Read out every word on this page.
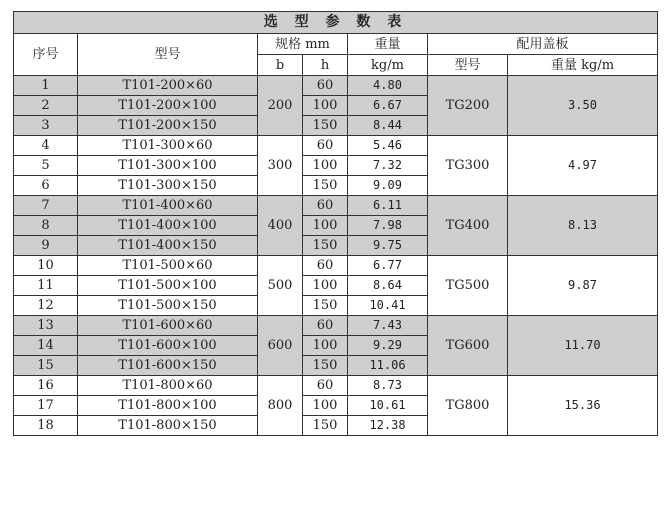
选 型 参 数 表						
序号	型号	规格 mm		重量	配用盖板	
		b	h	kg/m	型号	重量 kg/m
1	T101-200×60	200	60	4.80	TG200	3.50
2	T101-200×100		100	6.67		
3	T101-200×150		150	8.44		
4	T101-300×60	300	60	5.46	TG300	4.97
5	T101-300×100		100	7.32		
6	T101-300×150		150	9.09		
7	T101-400×60	400	60	6.11	TG400	8.13
8	T101-400×100		100	7.98		
9	T101-400×150		150	9.75		
10	T101-500×60	500	60	6.77	TG500	9.87
11	T101-500×100		100	8.64		
12	T101-500×150		150	10.41		
13	T101-600×60	600	60	7.43	TG600	11.70
14	T101-600×100		100	9.29		
15	T101-600×150		150	11.06		
16	T101-800×60	800	60	8.73	TG800	15.36
17	T101-800×100		100	10.61		
18	T101-800×150		150	12.38		
